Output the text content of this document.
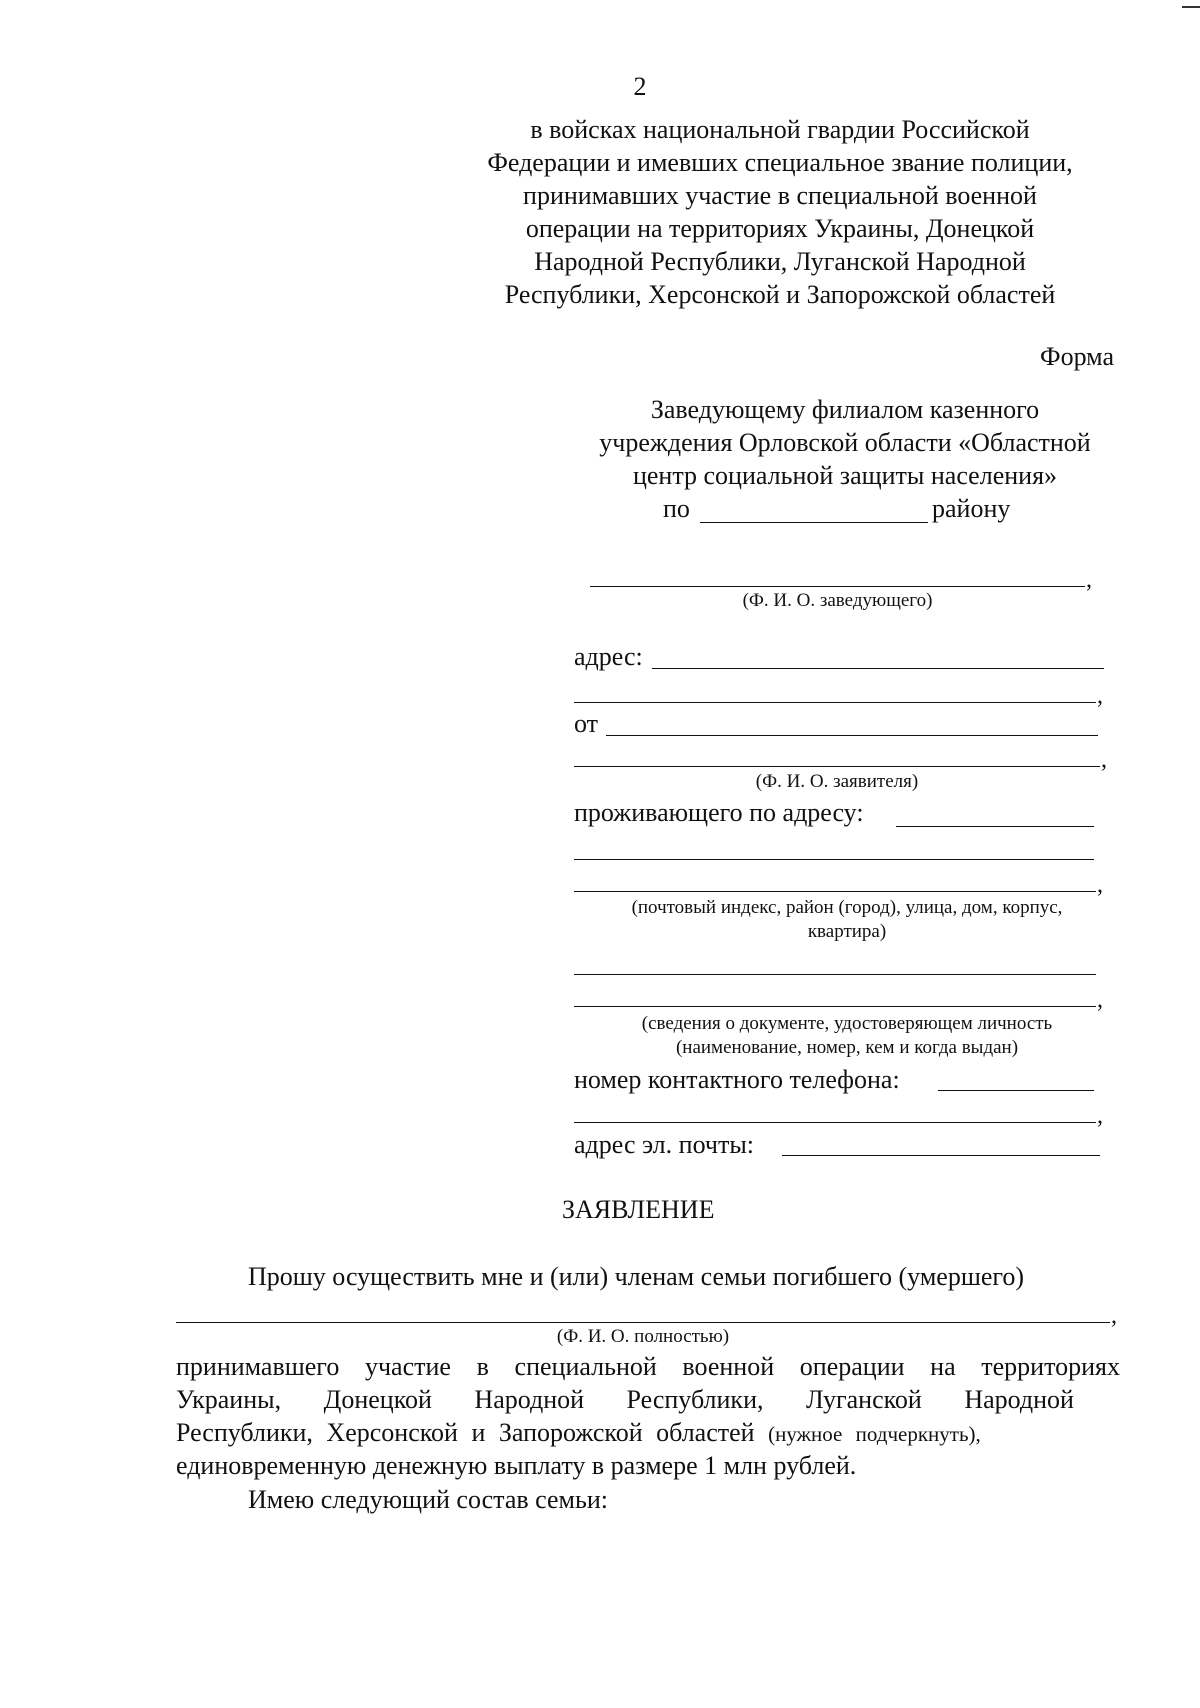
2
в войсках национальной гвардии Российской
Федерации и имевших специальное звание полиции,
принимавших участие в специальной военной
операции на территориях Украины, Донецкой
Народной Республики, Луганской Народной
Республики, Херсонской и Запорожской областей
Форма
Заведующему филиалом казенного
учреждения Орловской области «Областной
центр социальной защиты населения»
по	району
,
(Ф. И. О. заведующего)
адрес:
,
от
,
(Ф. И. О. заявителя)
проживающего по адресу:
,
(почтовый индекс, район (город), улица, дом, корпус,
квартира)
,
(сведения о документе, удостоверяющем личность
(наименование, номер, кем и когда выдан)
номер контактного телефона:
,
адрес эл. почты:
ЗАЯВЛЕНИЕ
Прошу осуществить мне и (или) членам семьи погибшего (умершего)
,
(Ф. И. О. полностью)
принимавшего участие в специальной военной операции на территориях
Украины, Донецкой Народной Республики, Луганской Народной
Республики, Херсонской и Запорожской областей (нужное подчеркнуть),
единовременную денежную выплату в размере 1 млн рублей.
Имею следующий состав семьи:
